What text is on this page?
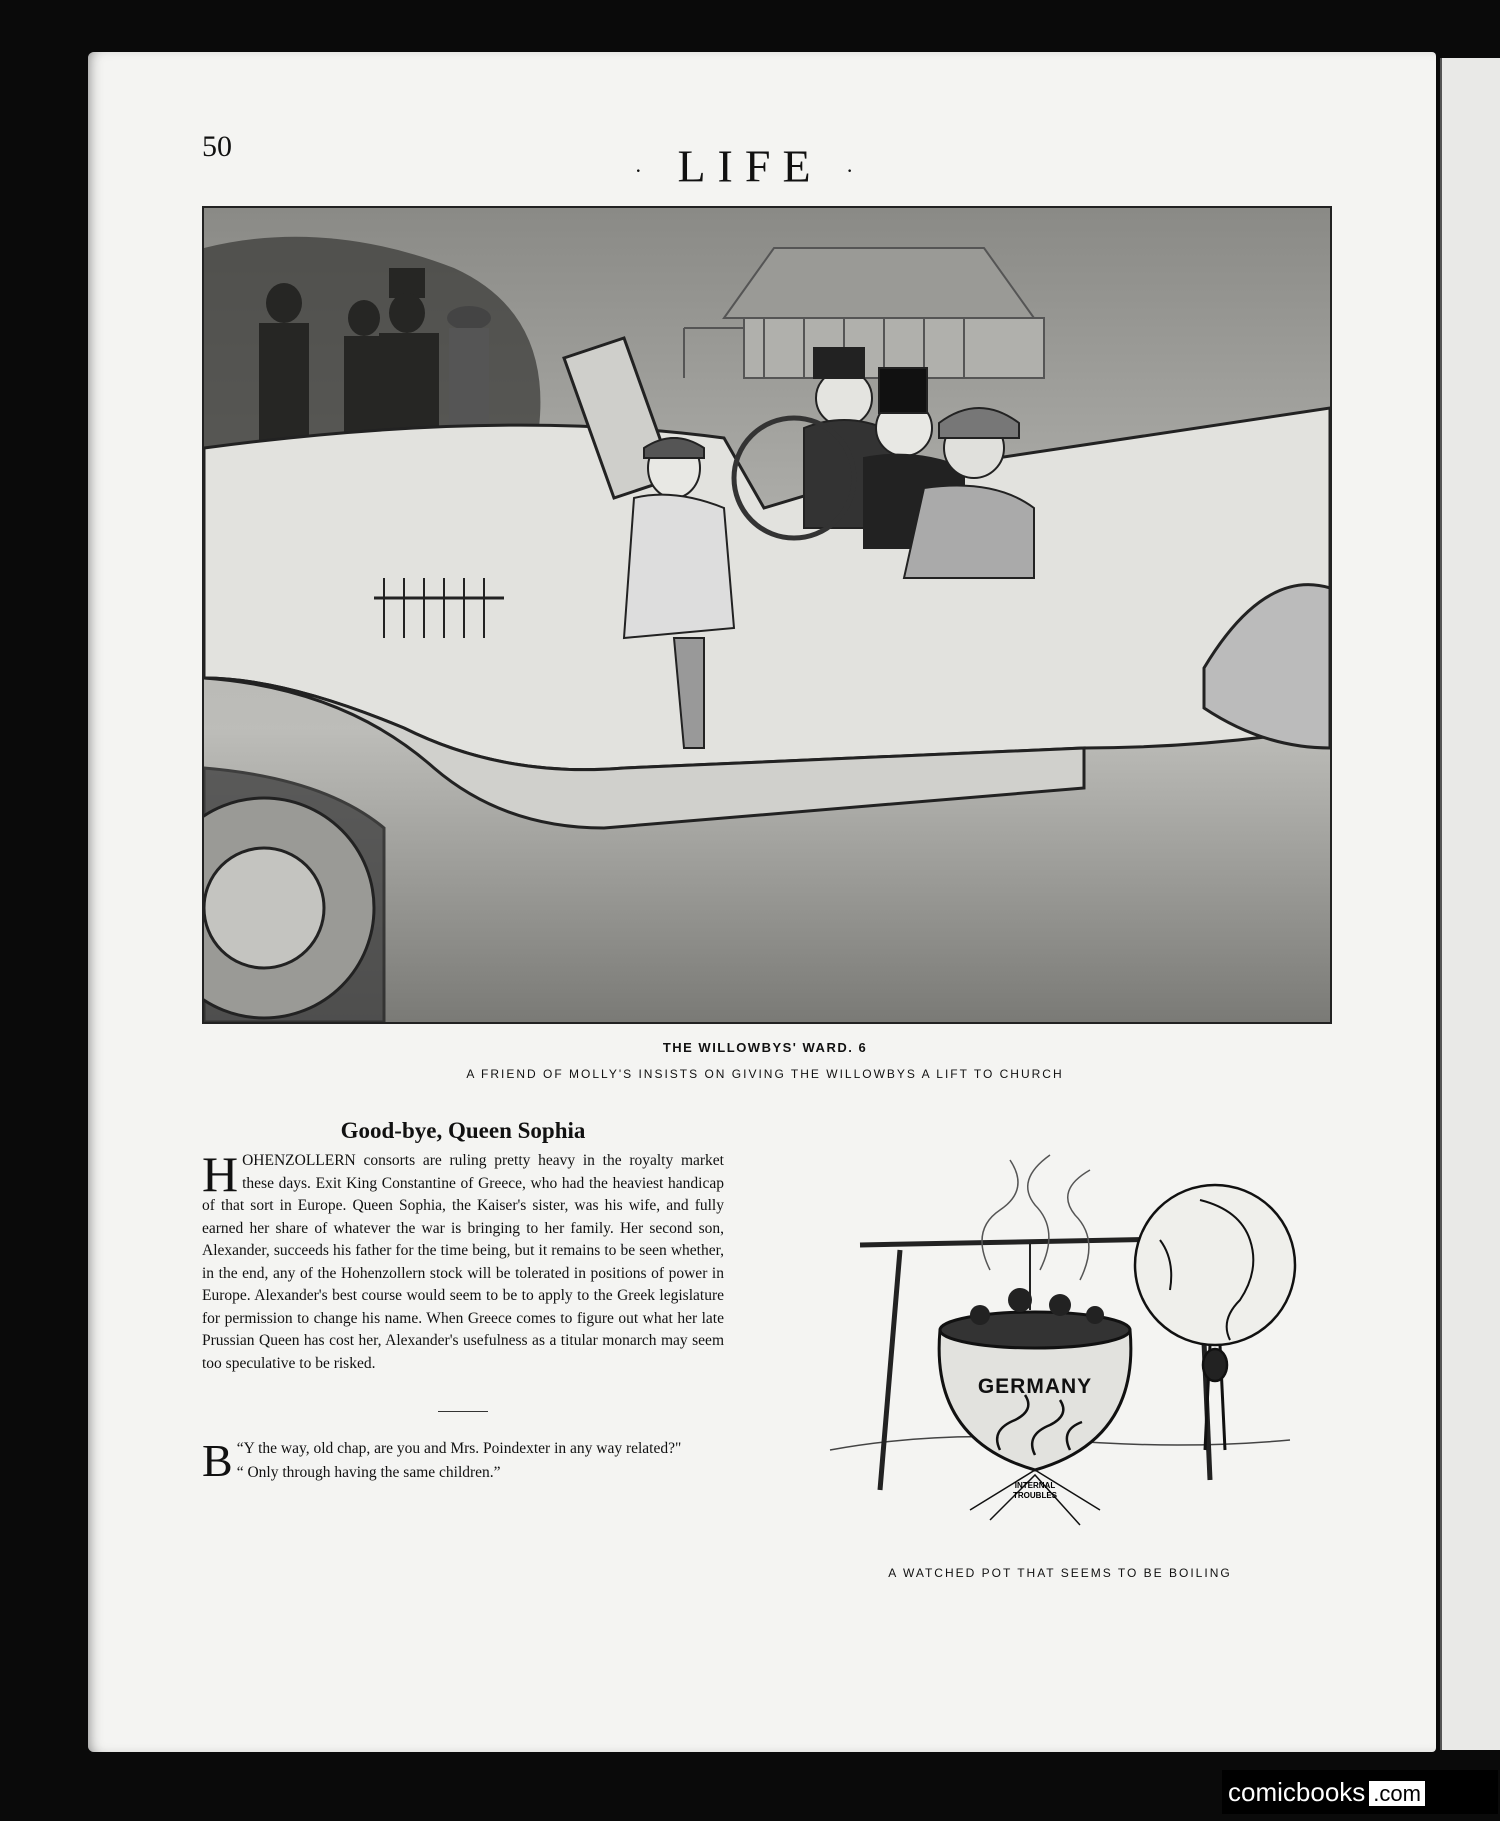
50
· LIFE ·
THE WILLOWBYS' WARD. 6
A FRIEND OF MOLLY'S INSISTS ON GIVING THE WILLOWBYS A LIFT TO CHURCH
Good-bye, Queen Sophia

HOHENZOLLERN consorts are ruling pretty heavy in the royalty market these days. Exit King Constantine of Greece, who had the heaviest handicap of that sort in Europe. Queen Sophia, the Kaiser's sister, was his wife, and fully earned her share of whatever the war is bringing to her family. Her second son, Alexander, succeeds his father for the time being, but it remains to be seen whether, in the end, any of the Hohenzollern stock will be tolerated in positions of power in Europe. Alexander's best course would seem to be to apply to the Greek legislature for permission to change his name. When Greece comes to figure out what her late Prussian Queen has cost her, Alexander's usefulness as a titular monarch may seem too speculative to be risked.

“
B Y the way, old chap, are you and Mrs. Poindexter in any way related?"

“ Only through having the same children.”

GERMANY
INTERNAL
TROUBLES
A WATCHED POT THAT SEEMS TO BE BOILING
comicbooks .com
